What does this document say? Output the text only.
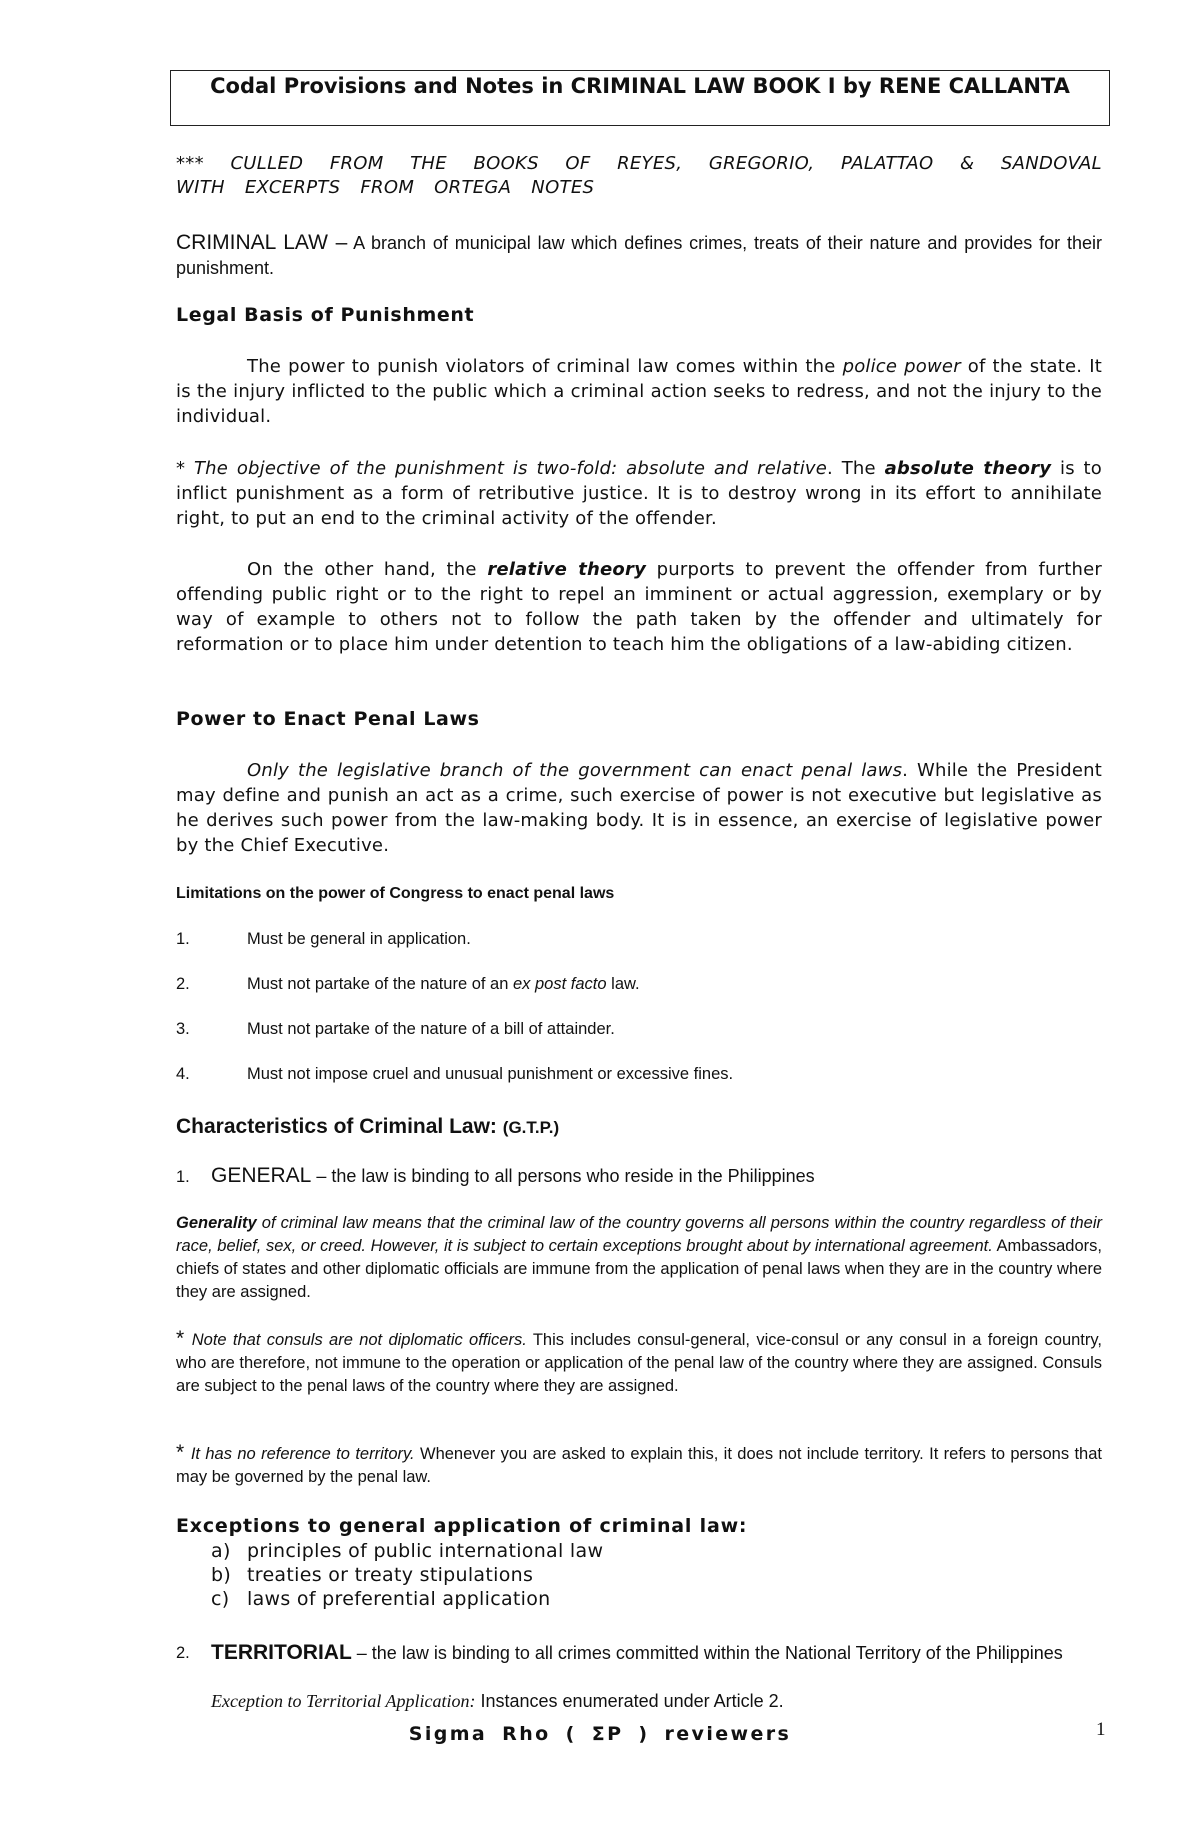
Codal Provisions and Notes in CRIMINAL LAW BOOK I by RENE CALLANTA
*** CULLED FROM THE BOOKS OF REYES, GREGORIO, PALATTAO & SANDOVAL WITH EXCERPTS FROM ORTEGA NOTES
CRIMINAL LAW – A branch of municipal law which defines crimes, treats of their nature and provides for their punishment.
Legal Basis of Punishment
The power to punish violators of criminal law comes within the police power of the state. It is the injury inflicted to the public which a criminal action seeks to redress, and not the injury to the individual.
* The objective of the punishment is two-fold: absolute and relative. The absolute theory is to inflict punishment as a form of retributive justice. It is to destroy wrong in its effort to annihilate right, to put an end to the criminal activity of the offender.
On the other hand, the relative theory purports to prevent the offender from further offending public right or to the right to repel an imminent or actual aggression, exemplary or by way of example to others not to follow the path taken by the offender and ultimately for reformation or to place him under detention to teach him the obligations of a law-abiding citizen.
Power to Enact Penal Laws
Only the legislative branch of the government can enact penal laws. While the President may define and punish an act as a crime, such exercise of power is not executive but legislative as he derives such power from the law-making body. It is in essence, an exercise of legislative power by the Chief Executive.
Limitations on the power of Congress to enact penal laws
1.	Must be general in application.
2.	Must not partake of the nature of an ex post facto law.
3.	Must not partake of the nature of a bill of attainder.
4.	Must not impose cruel and unusual punishment or excessive fines.
Characteristics of Criminal Law: (G.T.P.)
1. GENERAL – the law is binding to all persons who reside in the Philippines
Generality of criminal law means that the criminal law of the country governs all persons within the country regardless of their race, belief, sex, or creed. However, it is subject to certain exceptions brought about by international agreement. Ambassadors, chiefs of states and other diplomatic officials are immune from the application of penal laws when they are in the country where they are assigned.
* Note that consuls are not diplomatic officers. This includes consul-general, vice-consul or any consul in a foreign country, who are therefore, not immune to the operation or application of the penal law of the country where they are assigned. Consuls are subject to the penal laws of the country where they are assigned.
* It has no reference to territory. Whenever you are asked to explain this, it does not include territory. It refers to persons that may be governed by the penal law.
Exceptions to general application of criminal law:
a) principles of public international law
b) treaties or treaty stipulations
c) laws of preferential application
2. TERRITORIAL – the law is binding to all crimes committed within the National Territory of the Philippines
Exception to Territorial Application: Instances enumerated under Article 2.
Sigma Rho ( ΣP ) reviewers	1
